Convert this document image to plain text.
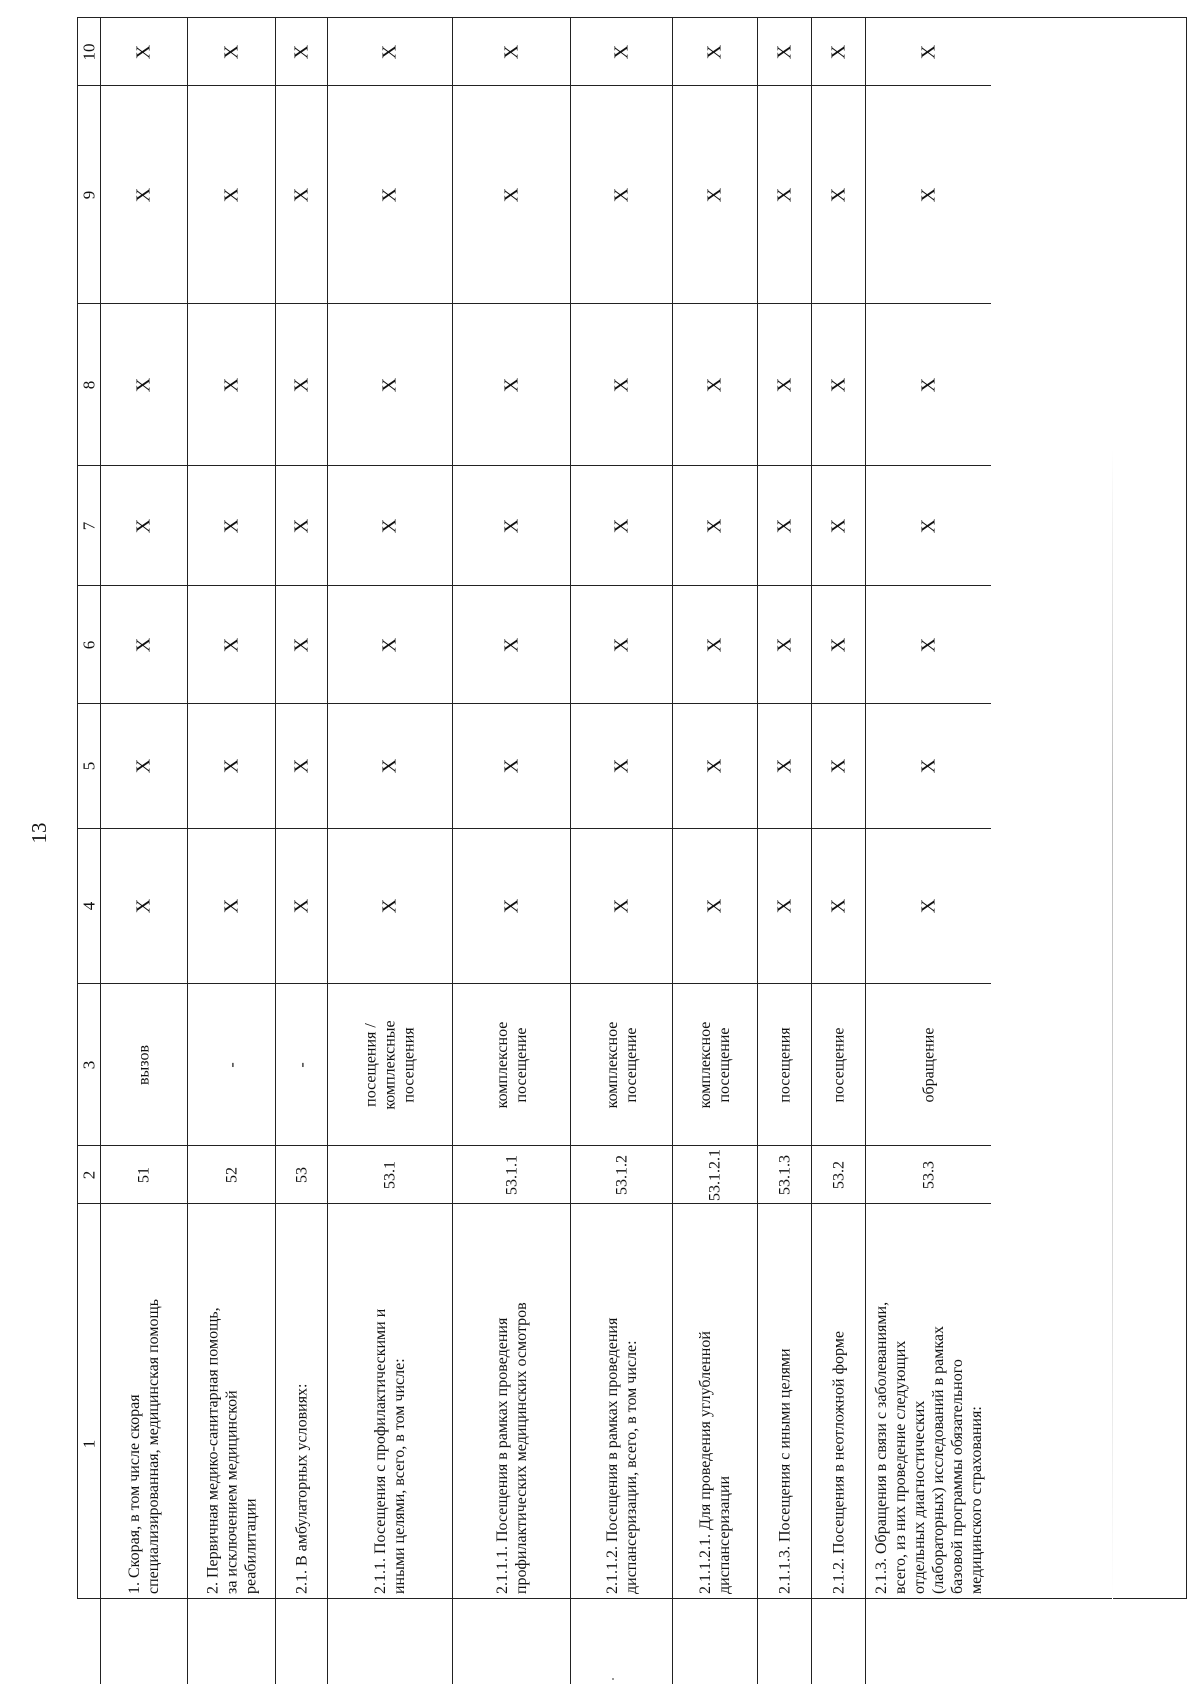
13
1
2
3
4
5
6
7
8
9
10
1. Скорая, в том числе скорая специализированная, медицинская помощь
51
вызов
X
X
X
X
X
X
X
2. Первичная медико-санитарная помощь, за исключением медицинской реабилитации
52
-
X
X
X
X
X
X
X
2.1. В амбулаторных условиях:
53
-
X
X
X
X
X
X
X
2.1.1. Посещения с профилактическими и иными целями, всего, в том числе:
53.1
посещения /комплексные посещения
X
X
X
X
X
X
X
2.1.1.1. Посещения в рамках проведения профилактических медицинских осмотров
53.1.1
комплексное посещение
X
X
X
X
X
X
X
2.1.1.2. Посещения в рамках проведения диспансеризации, всего, в том числе:
53.1.2
комплексное посещение
X
X
X
X
X
X
X
2.1.1.2.1. Для проведения углубленной диспансеризации
53.1.2.1
комплексное посещение
X
X
X
X
X
X
X
2.1.1.3. Посещения с иными целями
53.1.3
посещения
X
X
X
X
X
X
X
2.1.2. Посещения в неотложной форме
53.2
посещение
X
X
X
X
X
X
X
2.1.3. Обращения в связи с заболеваниями, всего, из них проведение следующих отдельных диагностических (лабораторных) исследований в рамках базовой программы обязательного медицинского страхования:
53.3
обращение
X
X
X
X
X
X
X
